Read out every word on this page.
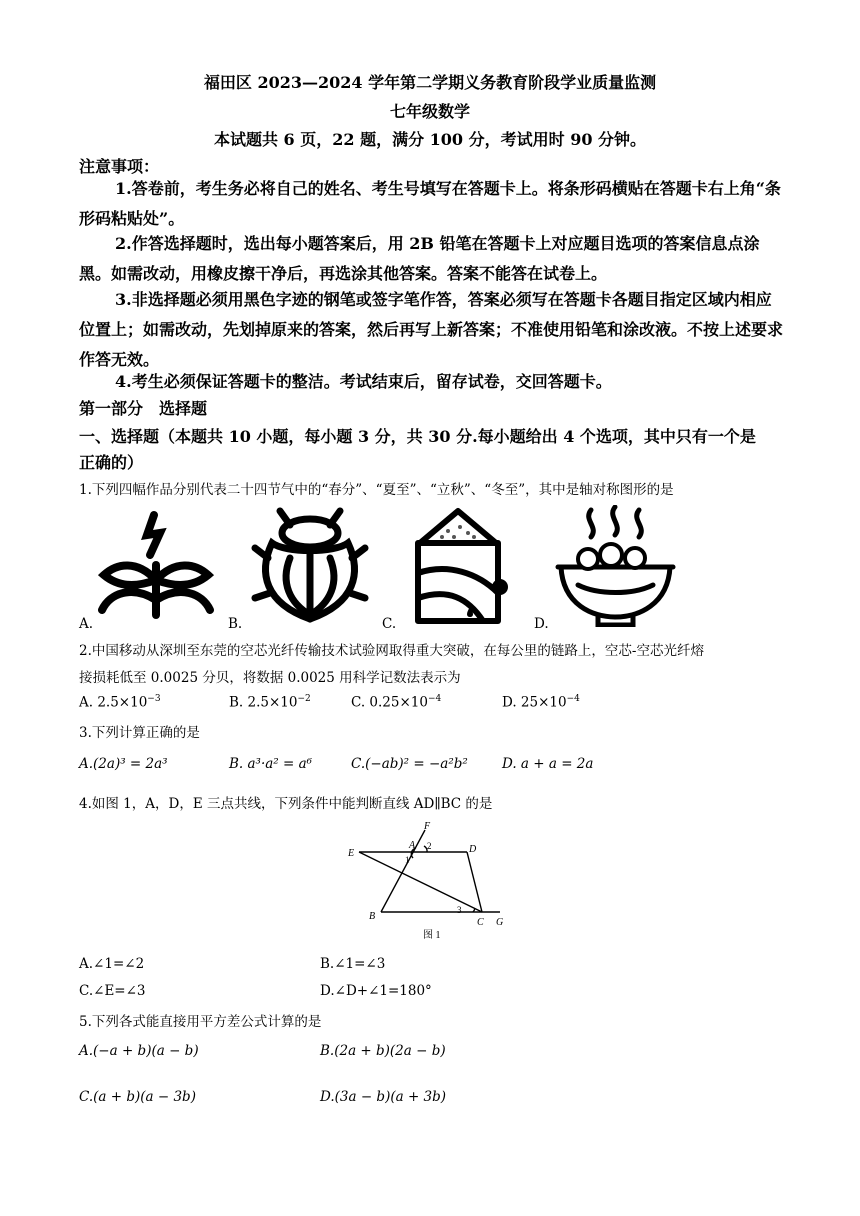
福田区 2023—2024 学年第二学期义务教育阶段学业质量监测
七年级数学
本试题共 6 页，22 题，满分 100 分，考试用时 90 分钟。
注意事项：
1.答卷前，考生务必将自己的姓名、考生号填写在答题卡上。将条形码横贴在答题卡右上角“条形码粘贴处”。
2.作答选择题时，选出每小题答案后，用 2B 铅笔在答题卡上对应题目选项的答案信息点涂黑。如需改动，用橡皮擦干净后，再选涂其他答案。答案不能答在试卷上。
3.非选择题必须用黑色字迹的钢笔或签字笔作答，答案必须写在答题卡各题目指定区域内相应位置上；如需改动，先划掉原来的答案，然后再写上新答案；不准使用铅笔和涂改液。不按上述要求作答无效。
4.考生必须保证答题卡的整洁。考试结束后，留存试卷，交回答题卡。
第一部分　选择题
一、选择题（本题共 10 小题，每小题 3 分，共 30 分.每小题给出 4 个选项，其中只有一个是
正确的）
1.下列四幅作品分别代表二十四节气中的“春分”、“夏至”、“立秋”、“冬至”，其中是轴对称图形的是
A.	B.	C.	D.
2.中国移动从深圳至东莞的空芯光纤传输技术试验网取得重大突破，在每公里的链路上，空芯-空芯光纤熔
接损耗低至 0.0025 分贝，将数据 0.0025 用科学记数法表示为
A. $2.5\times 10^{-3}$	B. $2.5\times 10^{-2}$	C. $0.25\times 10^{-4}$	D. $25\times 10^{-4}$
3.下列计算正确的是
A.(2a)³ = 2a³	B. a³·a² = a⁶	C.(−ab)² = −a²b²	D. a + a = 2a
4.如图 1，A，D，E 三点共线，下列条件中能判断直线 AD∥BC 的是
F
E
A	D
B
C G
1
2
3
图 1
A.∠1=∠2	B.∠1=∠3
C.∠E=∠3	D.∠D+∠1=180°
5.下列各式能直接用平方差公式计算的是
A.(−a + b)(a − b)	B.(2a + b)(2a − b)
C.(a + b)(a − 3b)	D.(3a − b)(a + 3b)
